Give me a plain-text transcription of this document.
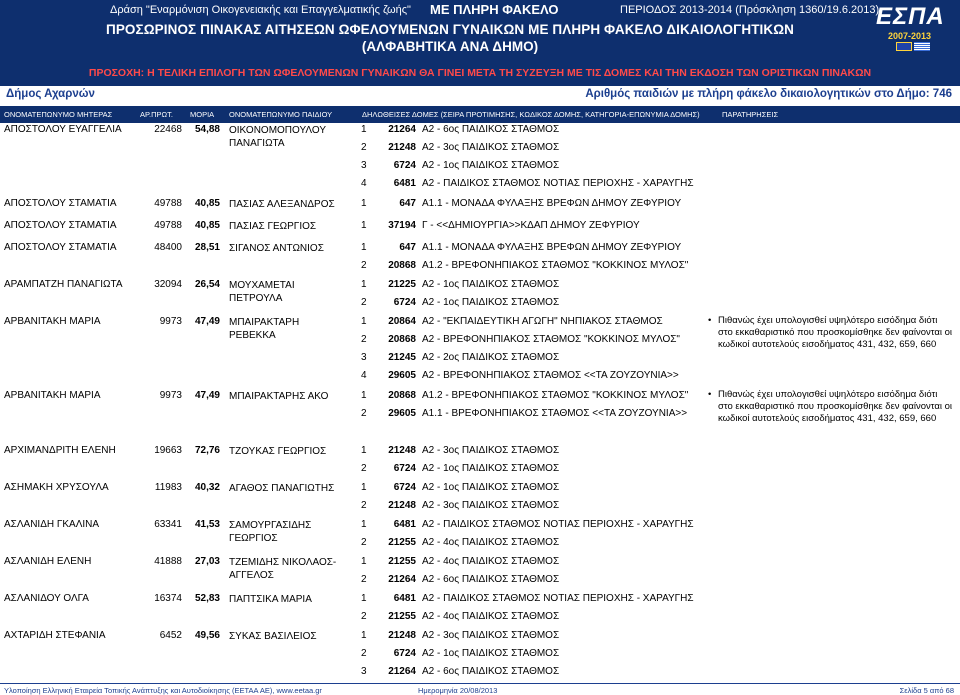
Δράση "Εναρμόνιση Οικογενειακής και Επαγγελματικής ζωής" ΜΕ ΠΛΗΡΗ ΦΑΚΕΛΟ	ΠΕΡΙΟΔΟΣ 2013-2014 (Πρόσκληση 1360/19.6.2013)
ΠΡΟΣΩΡΙΝΟΣ ΠΙΝΑΚΑΣ ΑΙΤΗΣΕΩΝ ΩΦΕΛΟΥΜΕΝΩΝ ΓΥΝΑΙΚΩΝ ΜΕ ΠΛΗΡΗ ΦΑΚΕΛΟ ΔΙΚΑΙΟΛΟΓΗΤΙΚΩΝ
(ΑΛΦΑΒΗΤΙΚΑ ΑΝΑ ΔΗΜΟ)
ΠΡΟΣΟΧΗ: Η ΤΕΛΙΚΗ ΕΠΙΛΟΓΗ ΤΩΝ ΩΦΕΛΟΥΜΕΝΩΝ ΓΥΝΑΙΚΩΝ ΘΑ ΓΙΝΕΙ ΜΕΤΑ ΤΗ ΣΥΖΕΥΞΗ ΜΕ ΤΙΣ ΔΟΜΕΣ ΚΑΙ ΤΗΝ ΕΚΔΟΣΗ ΤΩΝ ΟΡΙΣΤΙΚΩΝ ΠΙΝΑΚΩΝ
ΕΣΠΑ
2007-2013
Δήμος Αχαρνών	Αριθμός παιδιών με πλήρη φάκελο δικαιολογητικών στο Δήμο: 746
ΟΝΟΜΑΤΕΠΩΝΥΜΟ ΜΗΤΕΡΑΣ	ΑΡ.ΠΡΩΤ. ΜΟΡΙΑ ΟΝΟΜΑΤΕΠΩΝΥΜΟ ΠΑΙΔΙΟΥ	ΔΗΛΩΘΕΙΣΕΣ ΔΟΜΕΣ (ΣΕΙΡΑ ΠΡΟΤΙΜΗΣΗΣ, ΚΩΔΙΚΟΣ ΔΟΜΗΣ, ΚΑΤΗΓΟΡΙΑ-ΕΠΩΝΥΜΙΑ ΔΟΜΗΣ)	ΠΑΡΑΤΗΡΗΣΕΙΣ
ΑΠΟΣΤΟΛΟΥ ΕΥΑΓΓΕΛΙΑ	22468	54,88 ΟΙΚΟΝΟΜΟΠΟΥΛΟΥ ΠΑΝΑΓΙΩΤΑ
1	21264 Α2 - 6ος ΠΑΙΔΙΚΟΣ ΣΤΑΘΜΟΣ
2	21248 Α2 - 3ος ΠΑΙΔΙΚΟΣ ΣΤΑΘΜΟΣ
3	6724 Α2 - 1ος ΠΑΙΔΙΚΟΣ ΣΤΑΘΜΟΣ
4	6481 Α2 - ΠΑΙΔΙΚΟΣ ΣΤΑΘΜΟΣ ΝΟΤΙΑΣ ΠΕΡΙΟΧΗΣ - ΧΑΡΑΥΓΗΣ
ΑΠΟΣΤΟΛΟΥ ΣΤΑΜΑΤΙΑ	49788	40,85 ΠΑΣΙΑΣ ΑΛΕΞΑΝΔΡΟΣ	1	647 Α1.1 - ΜΟΝΑΔΑ ΦΥΛΑΞΗΣ ΒΡΕΦΩΝ ΔΗΜΟΥ ΖΕΦΥΡΙΟΥ
ΑΠΟΣΤΟΛΟΥ ΣΤΑΜΑΤΙΑ	49788	40,85 ΠΑΣΙΑΣ ΓΕΩΡΓΙΟΣ	1	37194 Γ - <<ΔΗΜΙΟΥΡΓΙΑ>>ΚΔΑΠ ΔΗΜΟΥ ΖΕΦΥΡΙΟΥ
ΑΠΟΣΤΟΛΟΥ ΣΤΑΜΑΤΙΑ	48400	28,51 ΣΙΓΑΝΟΣ ΑΝΤΩΝΙΟΣ	1	647 Α1.1 - ΜΟΝΑΔΑ ΦΥΛΑΞΗΣ ΒΡΕΦΩΝ ΔΗΜΟΥ ΖΕΦΥΡΙΟΥ
2	20868 Α1.2 - ΒΡΕΦΟΝΗΠΙΑΚΟΣ ΣΤΑΘΜΟΣ "ΚΟΚΚΙΝΟΣ ΜΥΛΟΣ"
ΑΡΑΜΠΑΤΖΗ ΠΑΝΑΓΙΩΤΑ	32094	26,54 ΜΟΥΧΑΜΕΤΑΙ ΠΕΤΡΟΥΛΑ
1	21225 Α2 - 1ος ΠΑΙΔΙΚΟΣ ΣΤΑΘΜΟΣ
2	6724 Α2 - 1ος ΠΑΙΔΙΚΟΣ ΣΤΑΘΜΟΣ
ΑΡΒΑΝΙΤΑΚΗ ΜΑΡΙΑ	9973	47,49 ΜΠΑΙΡΑΚΤΑΡΗ ΡΕΒΕΚΚΑ
1	20864 Α2 - "ΕΚΠΑΙΔΕΥΤΙΚΗ ΑΓΩΓΗ" ΝΗΠΙΑΚΟΣ ΣΤΑΘΜΟΣ
2	20868 Α2 - ΒΡΕΦΟΝΗΠΙΑΚΟΣ ΣΤΑΘΜΟΣ "ΚΟΚΚΙΝΟΣ ΜΥΛΟΣ"
3	21245 Α2 - 2ος ΠΑΙΔΙΚΟΣ ΣΤΑΘΜΟΣ
4	29605 Α2 - ΒΡΕΦΟΝΗΠΙΑΚΟΣ ΣΤΑΘΜΟΣ <<ΤΑ ΖΟΥΖΟΥΝΙΑ>>
• Πιθανώς έχει υπολογισθεί υψηλότερο εισόδημα διότι στο εκκαθαριστικό που προσκομίσθηκε δεν φαίνονται οι κωδικοί αυτοτελούς εισοδήματος 431, 432, 659, 660
ΑΡΒΑΝΙΤΑΚΗ ΜΑΡΙΑ	9973	47,49 ΜΠΑΙΡΑΚΤΑΡΗΣ ΑΚΟ	1	20868 Α1.2 - ΒΡΕΦΟΝΗΠΙΑΚΟΣ ΣΤΑΘΜΟΣ "ΚΟΚΚΙΝΟΣ ΜΥΛΟΣ"
2	29605 Α1.1 - ΒΡΕΦΟΝΗΠΙΑΚΟΣ ΣΤΑΘΜΟΣ <<ΤΑ ΖΟΥΖΟΥΝΙΑ>>
• Πιθανώς έχει υπολογισθεί υψηλότερο εισόδημα διότι στο εκκαθαριστικό που προσκομίσθηκε δεν φαίνονται οι κωδικοί αυτοτελούς εισοδήματος 431, 432, 659, 660
ΑΡΧΙΜΑΝΔΡΙΤΗ ΕΛΕΝΗ	19663	72,76 ΤΖΟΥΚΑΣ ΓΕΩΡΓΙΟΣ	1	21248 Α2 - 3ος ΠΑΙΔΙΚΟΣ ΣΤΑΘΜΟΣ
2	6724 Α2 - 1ος ΠΑΙΔΙΚΟΣ ΣΤΑΘΜΟΣ
ΑΣΗΜΑΚΗ ΧΡΥΣΟΥΛΑ	11983	40,32 ΑΓΑΘΟΣ ΠΑΝΑΓΙΩΤΗΣ	1	6724 Α2 - 1ος ΠΑΙΔΙΚΟΣ ΣΤΑΘΜΟΣ
2	21248 Α2 - 3ος ΠΑΙΔΙΚΟΣ ΣΤΑΘΜΟΣ
ΑΣΛΑΝΙΔΗ ΓΚΑΛΙΝΑ	63341	41,53 ΣΑΜΟΥΡΓΑΣΙΔΗΣ ΓΕΩΡΓΙΟΣ
1	6481 Α2 - ΠΑΙΔΙΚΟΣ ΣΤΑΘΜΟΣ ΝΟΤΙΑΣ ΠΕΡΙΟΧΗΣ - ΧΑΡΑΥΓΗΣ
2	21255 Α2 - 4ος ΠΑΙΔΙΚΟΣ ΣΤΑΘΜΟΣ
ΑΣΛΑΝΙΔΗ ΕΛΕΝΗ	41888	27,03 ΤΖΕΜΙΔΗΣ ΝΙΚΟΛΑΟΣ-ΑΓΓΕΛΟΣ
1	21255 Α2 - 4ος ΠΑΙΔΙΚΟΣ ΣΤΑΘΜΟΣ
2	21264 Α2 - 6ος ΠΑΙΔΙΚΟΣ ΣΤΑΘΜΟΣ
ΑΣΛΑΝΙΔΟΥ ΟΛΓΑ	16374	52,83 ΠΑΠΤΣΙΚΑ ΜΑΡΙΑ	1	6481 Α2 - ΠΑΙΔΙΚΟΣ ΣΤΑΘΜΟΣ ΝΟΤΙΑΣ ΠΕΡΙΟΧΗΣ - ΧΑΡΑΥΓΗΣ
2	21255 Α2 - 4ος ΠΑΙΔΙΚΟΣ ΣΤΑΘΜΟΣ
ΑΧΤΑΡΙΔΗ ΣΤΕΦΑΝΙΑ	6452	49,56 ΣΥΚΑΣ ΒΑΣΙΛΕΙΟΣ	1	21248 Α2 - 3ος ΠΑΙΔΙΚΟΣ ΣΤΑΘΜΟΣ
2	6724 Α2 - 1ος ΠΑΙΔΙΚΟΣ ΣΤΑΘΜΟΣ
3	21264 Α2 - 6ος ΠΑΙΔΙΚΟΣ ΣΤΑΘΜΟΣ
Υλοποίηση Ελληνική Εταιρεία Τοπικής Ανάπτυξης και Αυτοδιοίκησης (ΕΕΤΑΑ ΑΕ), www.eetaa.gr	Ημερομηνία 20/08/2013	Σελίδα 5 από 68
